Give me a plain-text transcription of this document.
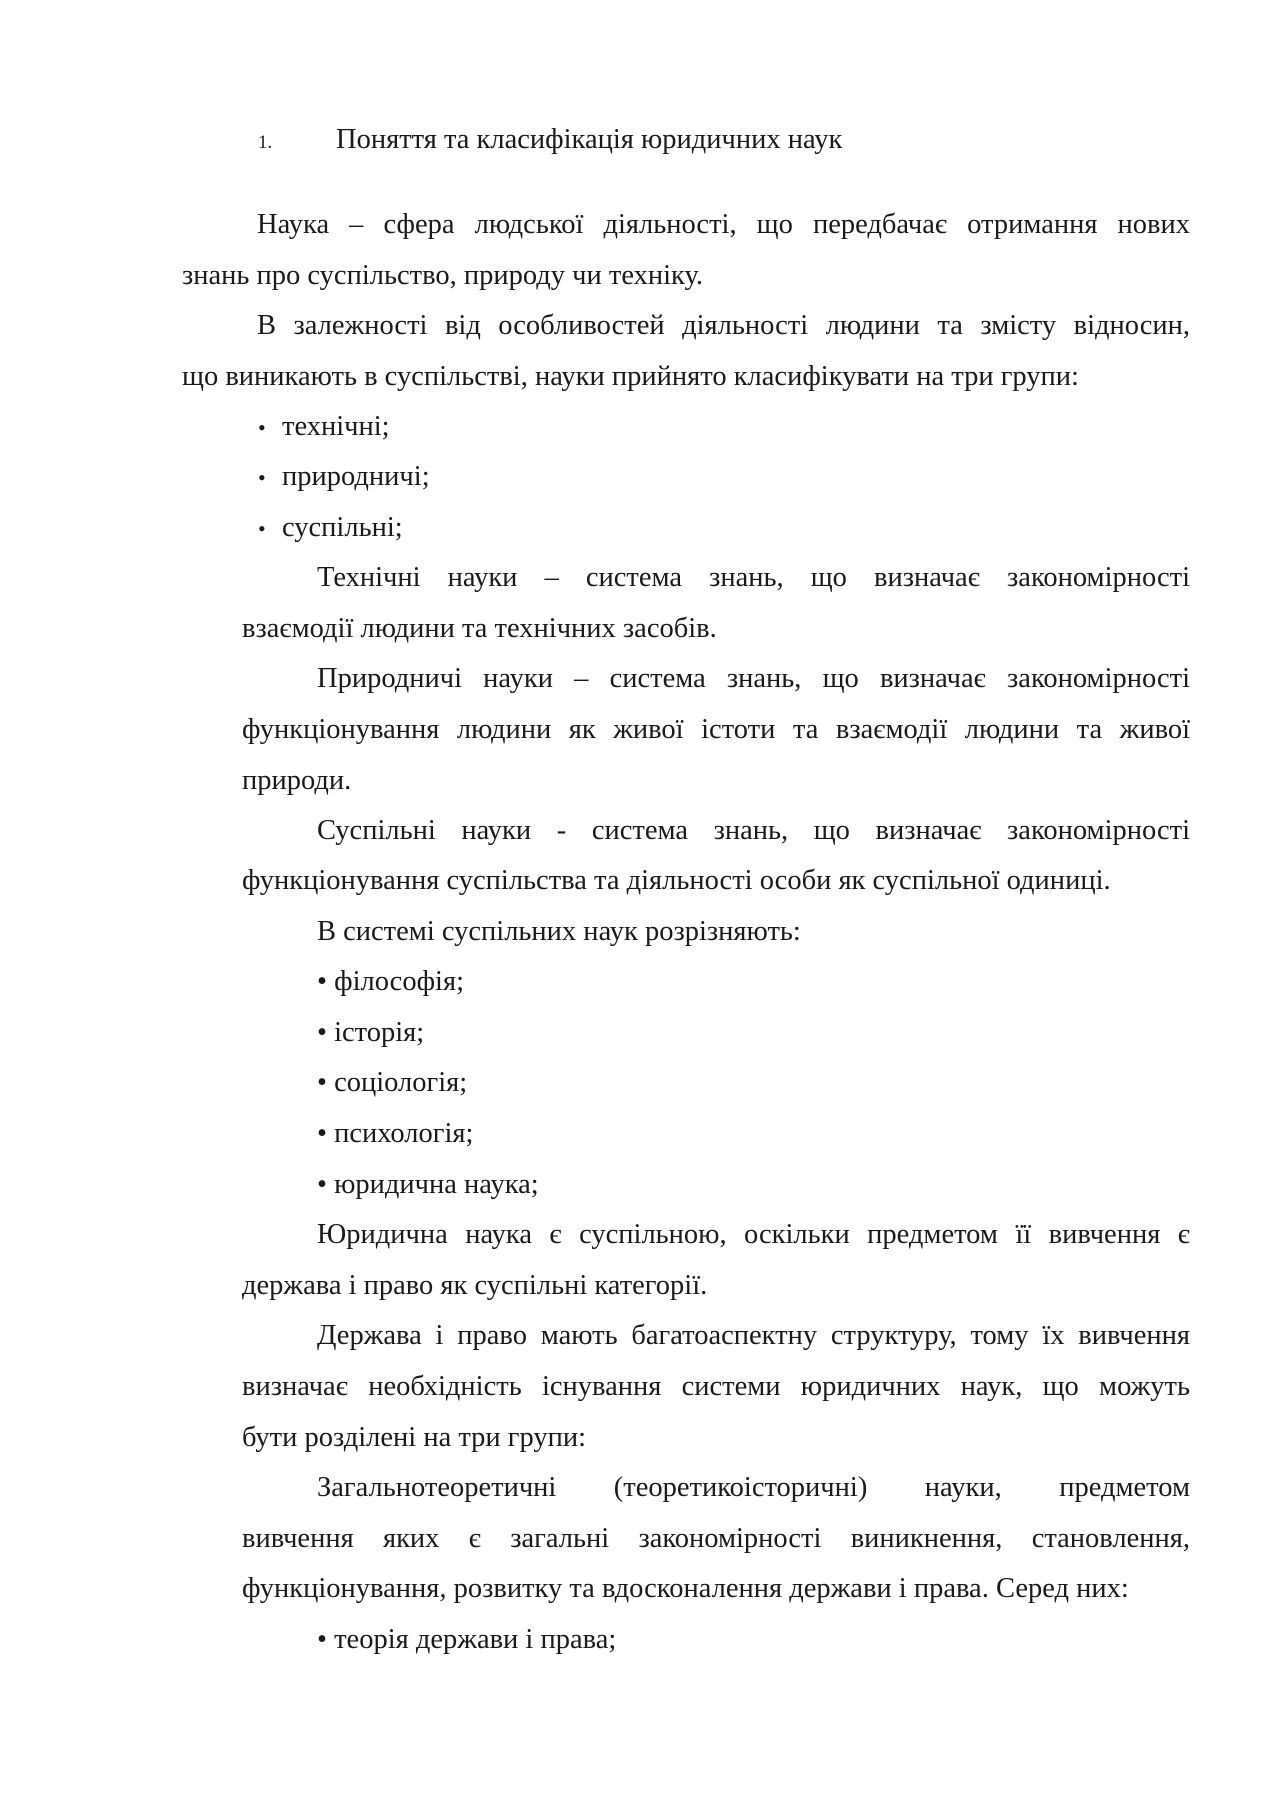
1. Поняття та класифікація юридичних наук
Наука – сфера людської діяльності, що передбачає отримання нових
знань про суспільство, природу чи техніку.
В залежності від особливостей діяльності людини та змісту відносин,
що виникають в суспільстві, науки прийнято класифікувати на три групи:
• технічні;
• природничі;
• суспільні;
Технічні науки – система знань, що визначає закономірності
взаємодії людини та технічних засобів.
Природничі науки – система знань, що визначає закономірності
функціонування людини як живої істоти та взаємодії людини та живої
природи.
Суспільні науки - система знань, що визначає закономірності
функціонування суспільства та діяльності особи як суспільної одиниці.
В системі суспільних наук розрізняють:
• філософія;
• історія;
• соціологія;
• психологія;
• юридична наука;
Юридична наука є суспільною, оскільки предметом її вивчення є
держава і право як суспільні категорії.
Держава і право мають багатоаспектну структуру, тому їх вивчення
визначає необхідність існування системи юридичних наук, що можуть
бути розділені на три групи:
Загальнотеоретичні (теоретикоісторичні) науки, предметом
вивчення яких є загальні закономірності виникнення, становлення,
функціонування, розвитку та вдосконалення держави і права. Серед них:
• теорія держави і права;
